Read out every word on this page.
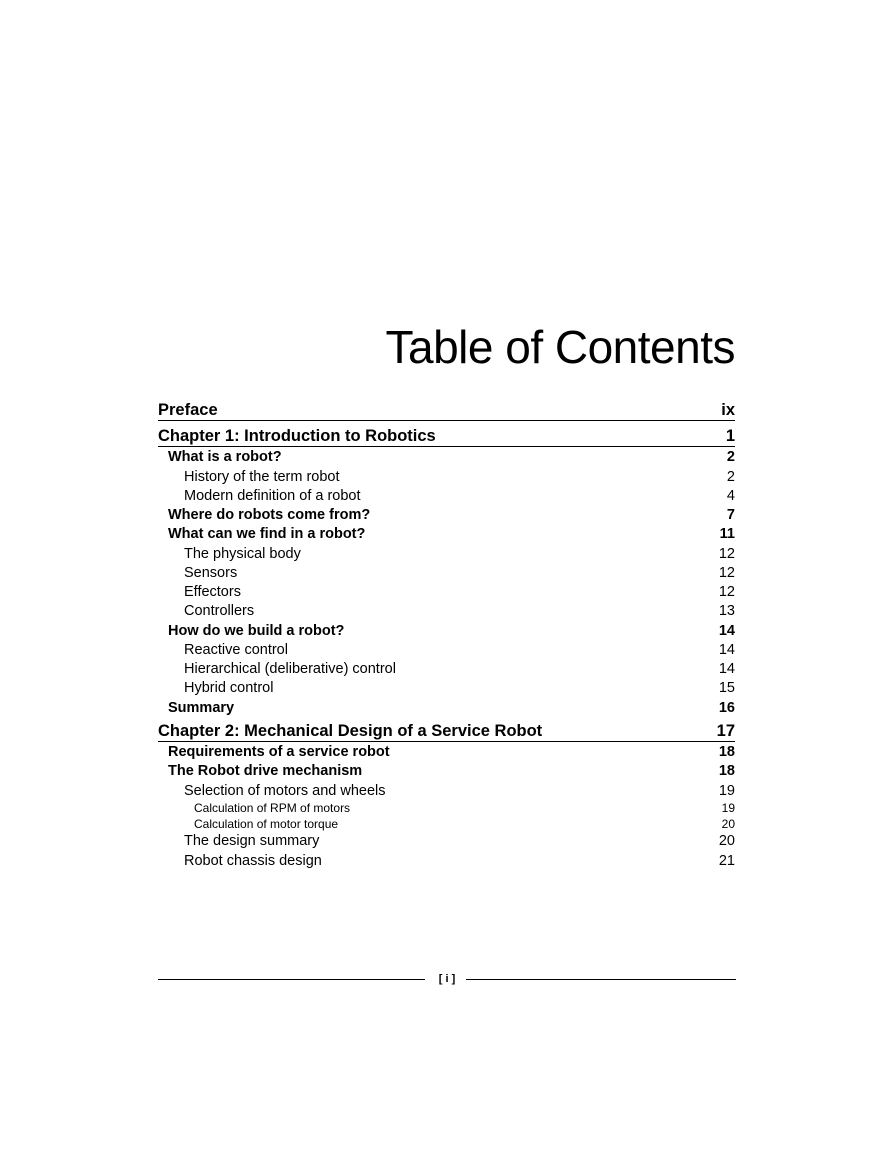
Table of Contents
Preface	ix
Chapter 1: Introduction to Robotics	1
What is a robot?	2
History of the term robot	2
Modern definition of a robot	4
Where do robots come from?	7
What can we find in a robot?	11
The physical body	12
Sensors	12
Effectors	12
Controllers	13
How do we build a robot?	14
Reactive control	14
Hierarchical (deliberative) control	14
Hybrid control	15
Summary	16
Chapter 2: Mechanical Design of a Service Robot	17
Requirements of a service robot	18
The Robot drive mechanism	18
Selection of motors and wheels	19
Calculation of RPM of motors	19
Calculation of motor torque	20
The design summary	20
Robot chassis design	21
[ i ]
